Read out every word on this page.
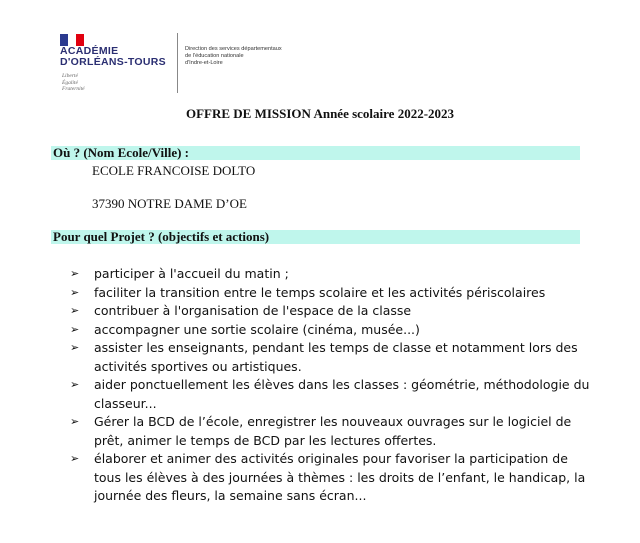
ACADÉMIE
D'ORLÉANS-TOURS
Liberté
Égalité
Fraternité
Direction des services départementaux
de l'éducation nationale
d'Indre-et-Loire
OFFRE DE MISSION Année scolaire 2022-2023
Où ? (Nom Ecole/Ville) :
ECOLE FRANCOISE DOLTO
37390 NOTRE DAME D’OE
Pour quel Projet ? (objectifs et actions)
➢	participer à l'accueil du matin ;
➢	faciliter la transition entre le temps scolaire et les activités périscolaires
➢	contribuer à l'organisation de l'espace de la classe
➢	accompagner une sortie scolaire (cinéma, musée...)
➢	assister les enseignants, pendant les temps de classe et notamment lors des activités sportives ou artistiques.
➢	aider ponctuellement les élèves dans les classes : géométrie, méthodologie du classeur...
➢	Gérer la BCD de l’école, enregistrer les nouveaux ouvrages sur le logiciel de prêt, animer le temps de BCD par les lectures offertes.
➢	élaborer et animer des activités originales pour favoriser la participation de tous les élèves à des journées à thèmes : les droits de l’enfant, le handicap, la journée des fleurs, la semaine sans écran...
